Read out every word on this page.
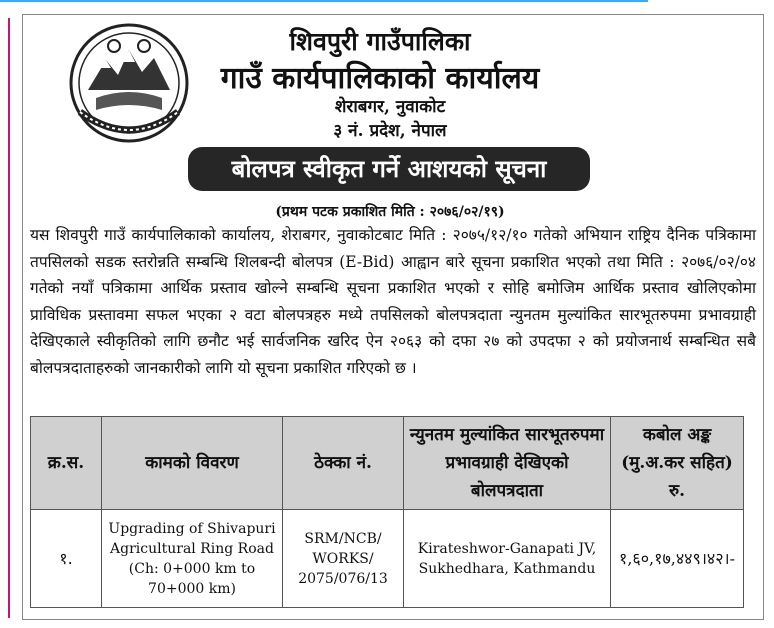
शिवपुरी गाउँपालिका
गाउँ कार्यपालिकाको कार्यालय
शेराबगर, नुवाकोट
३ नं. प्रदेश, नेपाल
बोलपत्र स्वीकृत गर्ने आशयको सूचना
(प्रथम पटक प्रकाशित मिति : २०७६/०२/१९)
यस शिवपुरी गाउँ कार्यपालिकाको कार्यालय, शेराबगर, नुवाकोटबाट मिति : २०७५/१२/१० गतेको अभियान राष्ट्रिय दैनिक पत्रिकामा तपसिलको सडक स्तरोन्नति सम्बन्धि शिलबन्दी बोलपत्र (E-Bid) आह्वान बारे सूचना प्रकाशित भएको तथा मिति : २०७६/०२/०४ गतेको नयाँ पत्रिकामा आर्थिक प्रस्ताव खोल्ने सम्बन्धि सूचना प्रकाशित भएको र सोहि बमोजिम आर्थिक प्रस्ताव खोलिएकोमा प्राविधिक प्रस्तावमा सफल भएका २ वटा बोलपत्रहरु मध्ये तपसिलको बोलपत्रदाता न्युनतम मुल्यांकित सारभूतरुपमा प्रभावग्राही देखिएकाले स्वीकृतिको लागि छनौट भई सार्वजनिक खरिद ऐन २०६३ को दफा २७ को उपदफा २ को प्रयोजनार्थ सम्बन्धित सबै बोलपत्रदाताहरुको जानकारीको लागि यो सूचना प्रकाशित गरिएको छ ।
क्र.स.	कामको विवरण	ठेक्का नं.	न्युनतम मुल्यांकित सारभूतरुपमा प्रभावग्राही देखिएको बोलपत्रदाता	कबोल अङ्क (मु.अ.कर सहित) रु.
१.	Upgrading of Shivapuri Agricultural Ring Road (Ch: 0+000 km to 70+000 km)	SRM/NCB/ WORKS/ 2075/076/13	Kirateshwor-Ganapati JV, Sukhedhara, Kathmandu	१,६०,१७,४४९।४२।-
